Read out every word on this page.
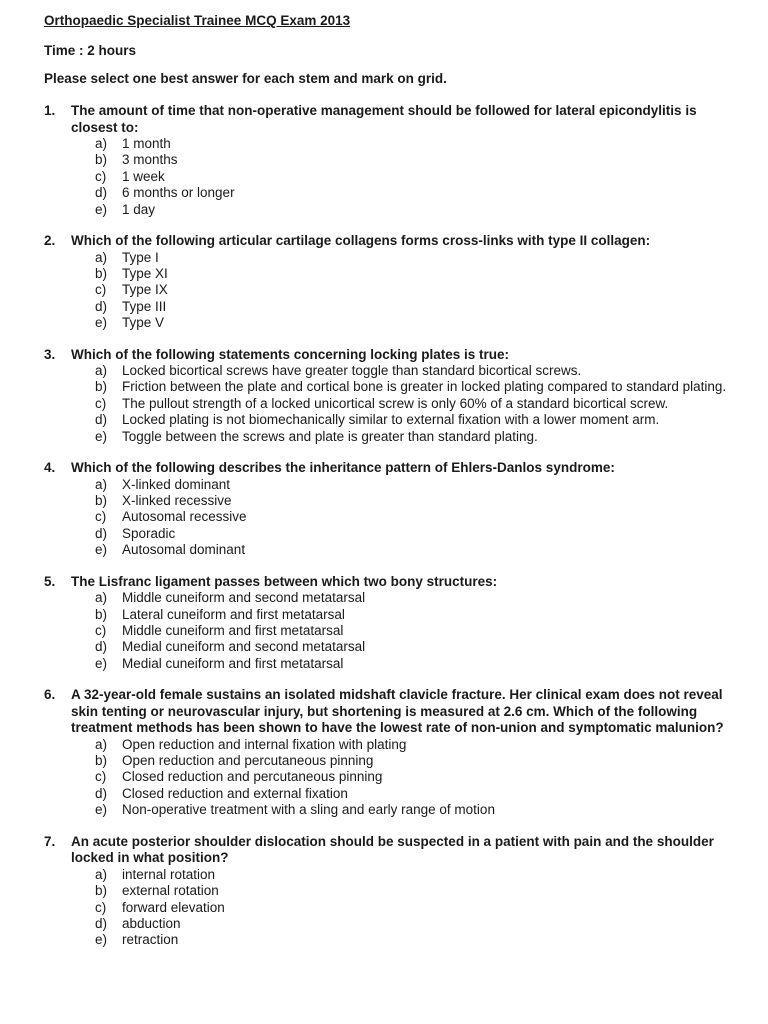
Orthopaedic Specialist Trainee MCQ Exam 2013
Time : 2 hours
Please select one best answer for each stem and mark on grid.
1.	The amount of time that non-operative management should be followed for lateral epicondylitis is closest to:
a)	1 month
b)	3 months
c)	1 week
d)	6 months or longer
e)	1 day
2.	Which of the following articular cartilage collagens forms cross-links with type II collagen:
a)	Type I
b)	Type XI
c)	Type IX
d)	Type III
e)	Type V
3.	Which of the following statements concerning locking plates is true:
a)	Locked bicortical screws have greater toggle than standard bicortical screws.
b)	Friction between the plate and cortical bone is greater in locked plating compared to standard plating.
c)	The pullout strength of a locked unicortical screw is only 60% of a standard bicortical screw.
d)	Locked plating is not biomechanically similar to external fixation with a lower moment arm.
e)	Toggle between the screws and plate is greater than standard plating.
4.	Which of the following describes the inheritance pattern of Ehlers-Danlos syndrome:
a)	X-linked dominant
b)	X-linked recessive
c)	Autosomal recessive
d)	Sporadic
e)	Autosomal dominant
5.	The Lisfranc ligament passes between which two bony structures:
a)	Middle cuneiform and second metatarsal
b)	Lateral cuneiform and first metatarsal
c)	Middle cuneiform and first metatarsal
d)	Medial cuneiform and second metatarsal
e)	Medial cuneiform and first metatarsal
6.	A 32-year-old female sustains an isolated midshaft clavicle fracture. Her clinical exam does not reveal skin tenting or neurovascular injury, but shortening is measured at 2.6 cm. Which of the following treatment methods has been shown to have the lowest rate of non-union and symptomatic malunion?
a)	Open reduction and internal fixation with plating
b)	Open reduction and percutaneous pinning
c)	Closed reduction and percutaneous pinning
d)	Closed reduction and external fixation
e)	Non-operative treatment with a sling and early range of motion
7.	An acute posterior shoulder dislocation should be suspected in a patient with pain and the shoulder locked in what position?
a)	internal rotation
b)	external rotation
c)	forward elevation
d)	abduction
e)	retraction
